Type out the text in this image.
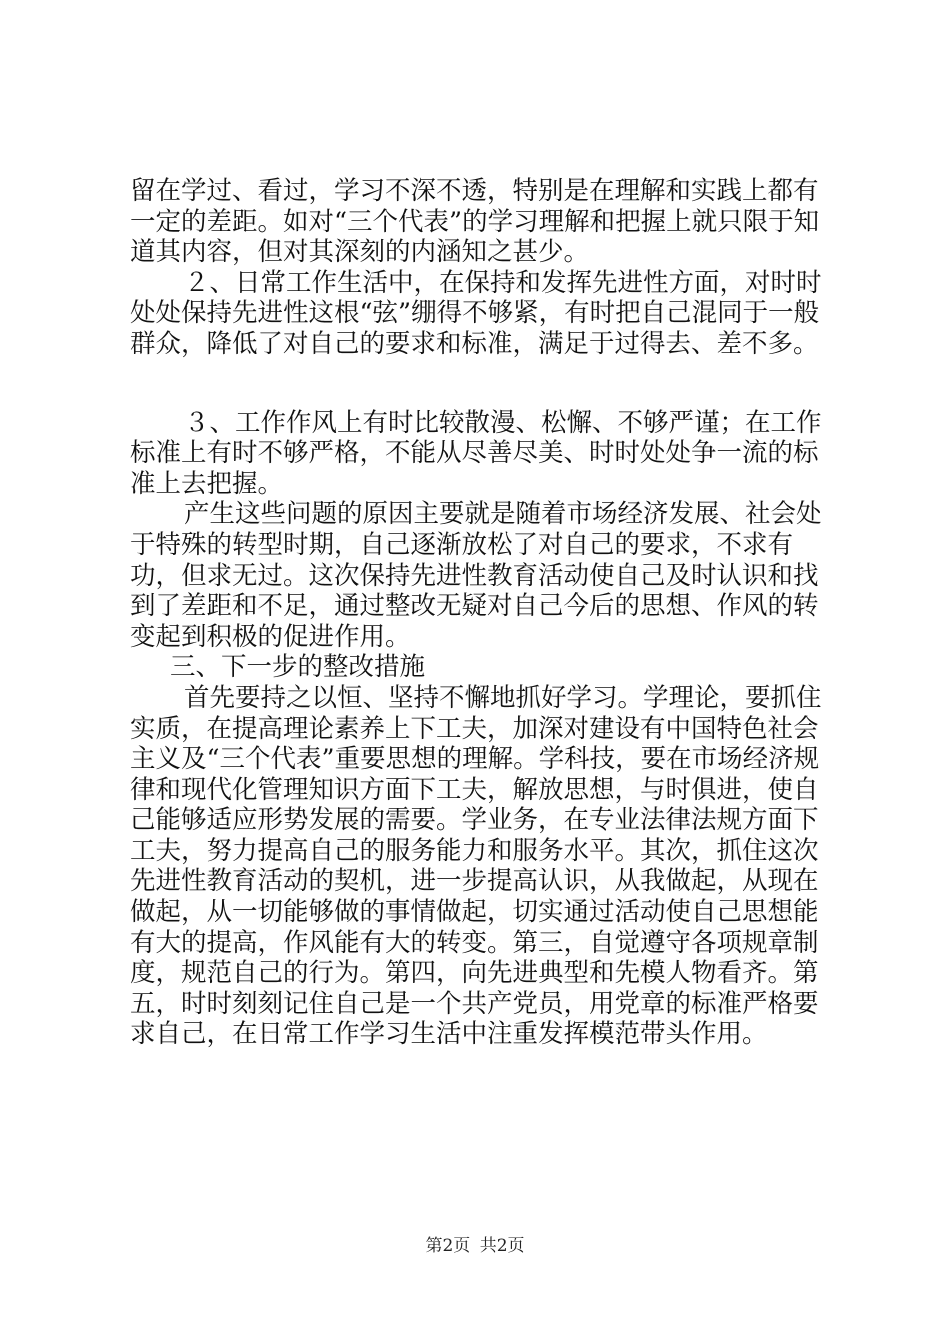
留在学过、看过，学习不深不透，特别是在理解和实践上都有一定的差距。如对“三个代表”的学习理解和把握上就只限于知道其内容，但对其深刻的内涵知之甚少。

２、日常工作生活中，在保持和发挥先进性方面，对时时处处保持先进性这根“弦”绷得不够紧，有时把自己混同于一般群众，降低了对自己的要求和标准，满足于过得去、差不多。

３、工作作风上有时比较散漫、松懈、不够严谨；在工作标准上有时不够严格，不能从尽善尽美、时时处处争一流的标准上去把握。

产生这些问题的原因主要就是随着市场经济发展、社会处于特殊的转型时期，自己逐渐放松了对自己的要求，不求有功，但求无过。这次保持先进性教育活动使自己及时认识和找到了差距和不足，通过整改无疑对自己今后的思想、作风的转变起到积极的促进作用。

三、下一步的整改措施

首先要持之以恒、坚持不懈地抓好学习。学理论，要抓住实质，在提高理论素养上下工夫，加深对建设有中国特色社会主义及“三个代表”重要思想的理解。学科技，要在市场经济规律和现代化管理知识方面下工夫，解放思想，与时俱进，使自己能够适应形势发展的需要。学业务，在专业法律法规方面下工夫，努力提高自己的服务能力和服务水平。其次，抓住这次先进性教育活动的契机，进一步提高认识，从我做起，从现在做起，从一切能够做的事情做起，切实通过活动使自己思想能有大的提高，作风能有大的转变。第三，自觉遵守各项规章制度，规范自己的行为。第四，向先进典型和先模人物看齐。第五，时时刻刻记住自己是一个共产党员，用党章的标准严格要求自己，在日常工作学习生活中注重发挥模范带头作用。

第2页 共2页
